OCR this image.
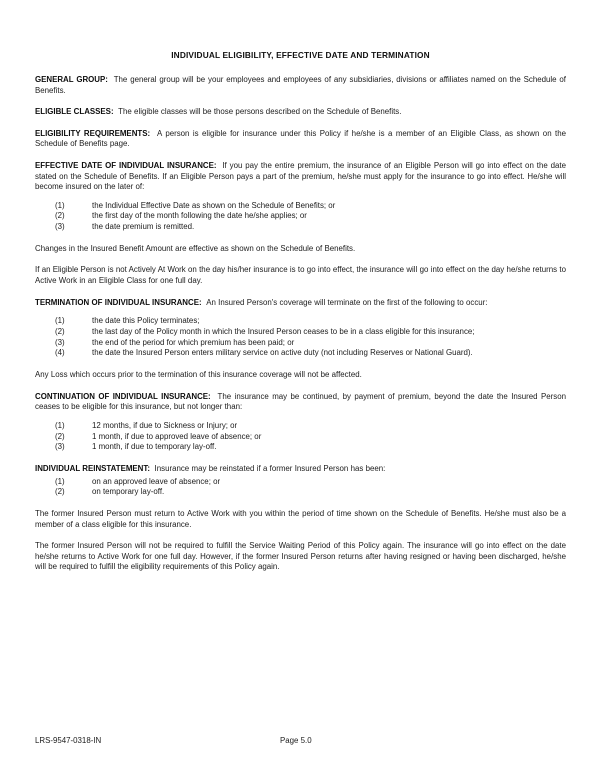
INDIVIDUAL ELIGIBILITY, EFFECTIVE DATE AND TERMINATION

GENERAL GROUP: The general group will be your employees and employees of any subsidiaries, divisions or affiliates named on the Schedule of Benefits.

ELIGIBLE CLASSES: The eligible classes will be those persons described on the Schedule of Benefits.

ELIGIBILITY REQUIREMENTS: A person is eligible for insurance under this Policy if he/she is a member of an Eligible Class, as shown on the Schedule of Benefits page.

EFFECTIVE DATE OF INDIVIDUAL INSURANCE: If you pay the entire premium, the insurance of an Eligible Person will go into effect on the date stated on the Schedule of Benefits. If an Eligible Person pays a part of the premium, he/she must apply for the insurance to go into effect. He/she will become insured on the later of:

(1)	the Individual Effective Date as shown on the Schedule of Benefits; or
(2)	the first day of the month following the date he/she applies; or
(3)	the date premium is remitted.

Changes in the Insured Benefit Amount are effective as shown on the Schedule of Benefits.

If an Eligible Person is not Actively At Work on the day his/her insurance is to go into effect, the insurance will go into effect on the day he/she returns to Active Work in an Eligible Class for one full day.

TERMINATION OF INDIVIDUAL INSURANCE: An Insured Person's coverage will terminate on the first of the following to occur:

(1)	the date this Policy terminates;
(2)	the last day of the Policy month in which the Insured Person ceases to be in a class eligible for this insurance;
(3)	the end of the period for which premium has been paid; or
(4)	the date the Insured Person enters military service on active duty (not including Reserves or National Guard).

Any Loss which occurs prior to the termination of this insurance coverage will not be affected.

CONTINUATION OF INDIVIDUAL INSURANCE: The insurance may be continued, by payment of premium, beyond the date the Insured Person ceases to be eligible for this insurance, but not longer than:

(1)	12 months, if due to Sickness or Injury; or
(2)	1 month, if due to approved leave of absence; or
(3)	1 month, if due to temporary lay-off.

INDIVIDUAL REINSTATEMENT: Insurance may be reinstated if a former Insured Person has been:

(1)	on an approved leave of absence; or
(2)	on temporary lay-off.

The former Insured Person must return to Active Work with you within the period of time shown on the Schedule of Benefits. He/she must also be a member of a class eligible for this insurance.

The former Insured Person will not be required to fulfill the Service Waiting Period of this Policy again. The insurance will go into effect on the date he/she returns to Active Work for one full day. However, if the former Insured Person returns after having resigned or having been discharged, he/she will be required to fulfill the eligibility requirements of this Policy again.

LRS-9547-0318-IN	Page 5.0
